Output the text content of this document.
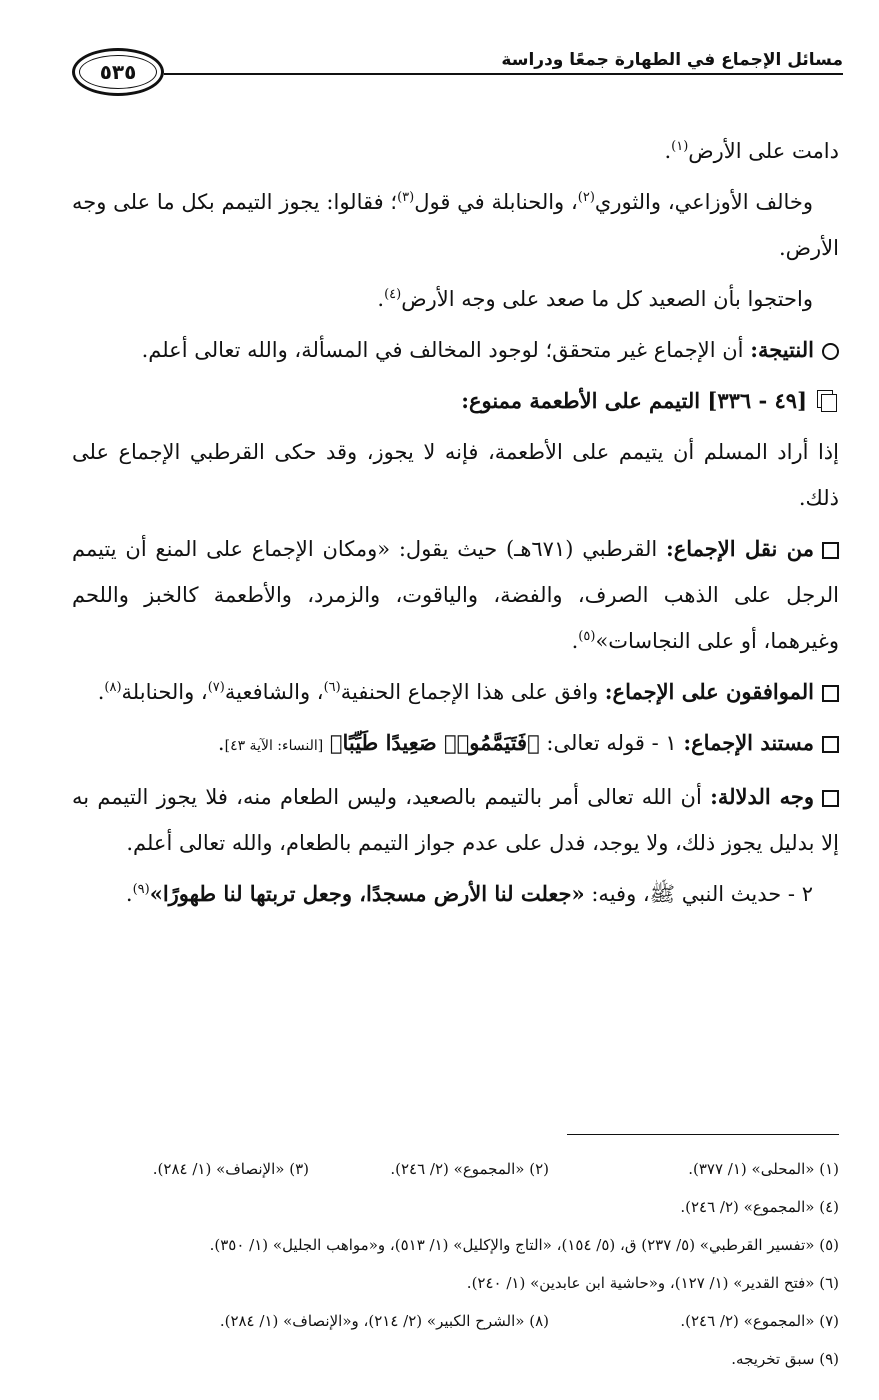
مسائل الإجماع في الطهارة جمعًا ودراسة
٥٣٥

دامت على الأرض$^{(١)}$.

وخالف الأوزاعي، والثوري$^{(٢)}$، والحنابلة في قول$^{(٣)}$؛ فقالوا: يجوز التيمم بكل ما على وجه الأرض.

واحتجوا بأن الصعيد كل ما صعد على وجه الأرض$^{(٤)}$.

النتيجة: أن الإجماع غير متحقق؛ لوجود المخالف في المسألة، والله تعالى أعلم.

[٤٩ - ٣٣٦]

التيمم على الأطعمة ممنوع:

إذا أراد المسلم أن يتيمم على الأطعمة، فإنه لا يجوز، وقد حكى القرطبي الإجماع على ذلك.

من نقل الإجماع: القرطبي (٦٧١هـ) حيث يقول: «ومكان الإجماع على المنع أن يتيمم الرجل على الذهب الصرف، والفضة، والياقوت، والزمرد، والأطعمة كالخبز واللحم وغيرهما، أو على النجاسات»$^{(٥)}$.

الموافقون على الإجماع: وافق على هذا الإجماع الحنفية$^{(٦)}$، والشافعية$^{(٧)}$، والحنابلة$^{(٨)}$.

مستند الإجماع: ١ - قوله تعالى: ﴿فَتَيَمَّمُوا۟ صَعِيدًا طَيِّبًا﴾ [النساء: الآية ٤٣].

وجه الدلالة: أن الله تعالى أمر بالتيمم بالصعيد، وليس الطعام منه، فلا يجوز التيمم به إلا بدليل يجوز ذلك، ولا يوجد، فدل على عدم جواز التيمم بالطعام، والله تعالى أعلم.

٢ - حديث النبي ﷺ، وفيه: «جعلت لنا الأرض مسجدًا، وجعل تربتها لنا طهورًا»$^{(٩)}$.

(١) «المحلى» (١/ ٣٧٧).
(٢) «المجموع» (٢/ ٢٤٦).
(٣) «الإنصاف» (١/ ٢٨٤).
(٤) «المجموع» (٢/ ٢٤٦).
(٥) «تفسير القرطبي» (٥/ ٢٣٧) ق، (٥/ ١٥٤)، «التاج والإكليل» (١/ ٥١٣)، و«مواهب الجليل» (١/ ٣٥٠).
(٦) «فتح القدير» (١/ ١٢٧)، و«حاشية ابن عابدين» (١/ ٢٤٠).
(٧) «المجموع» (٢/ ٢٤٦).
(٨) «الشرح الكبير» (٢/ ٢١٤)، و«الإنصاف» (١/ ٢٨٤).
(٩) سبق تخريجه.
